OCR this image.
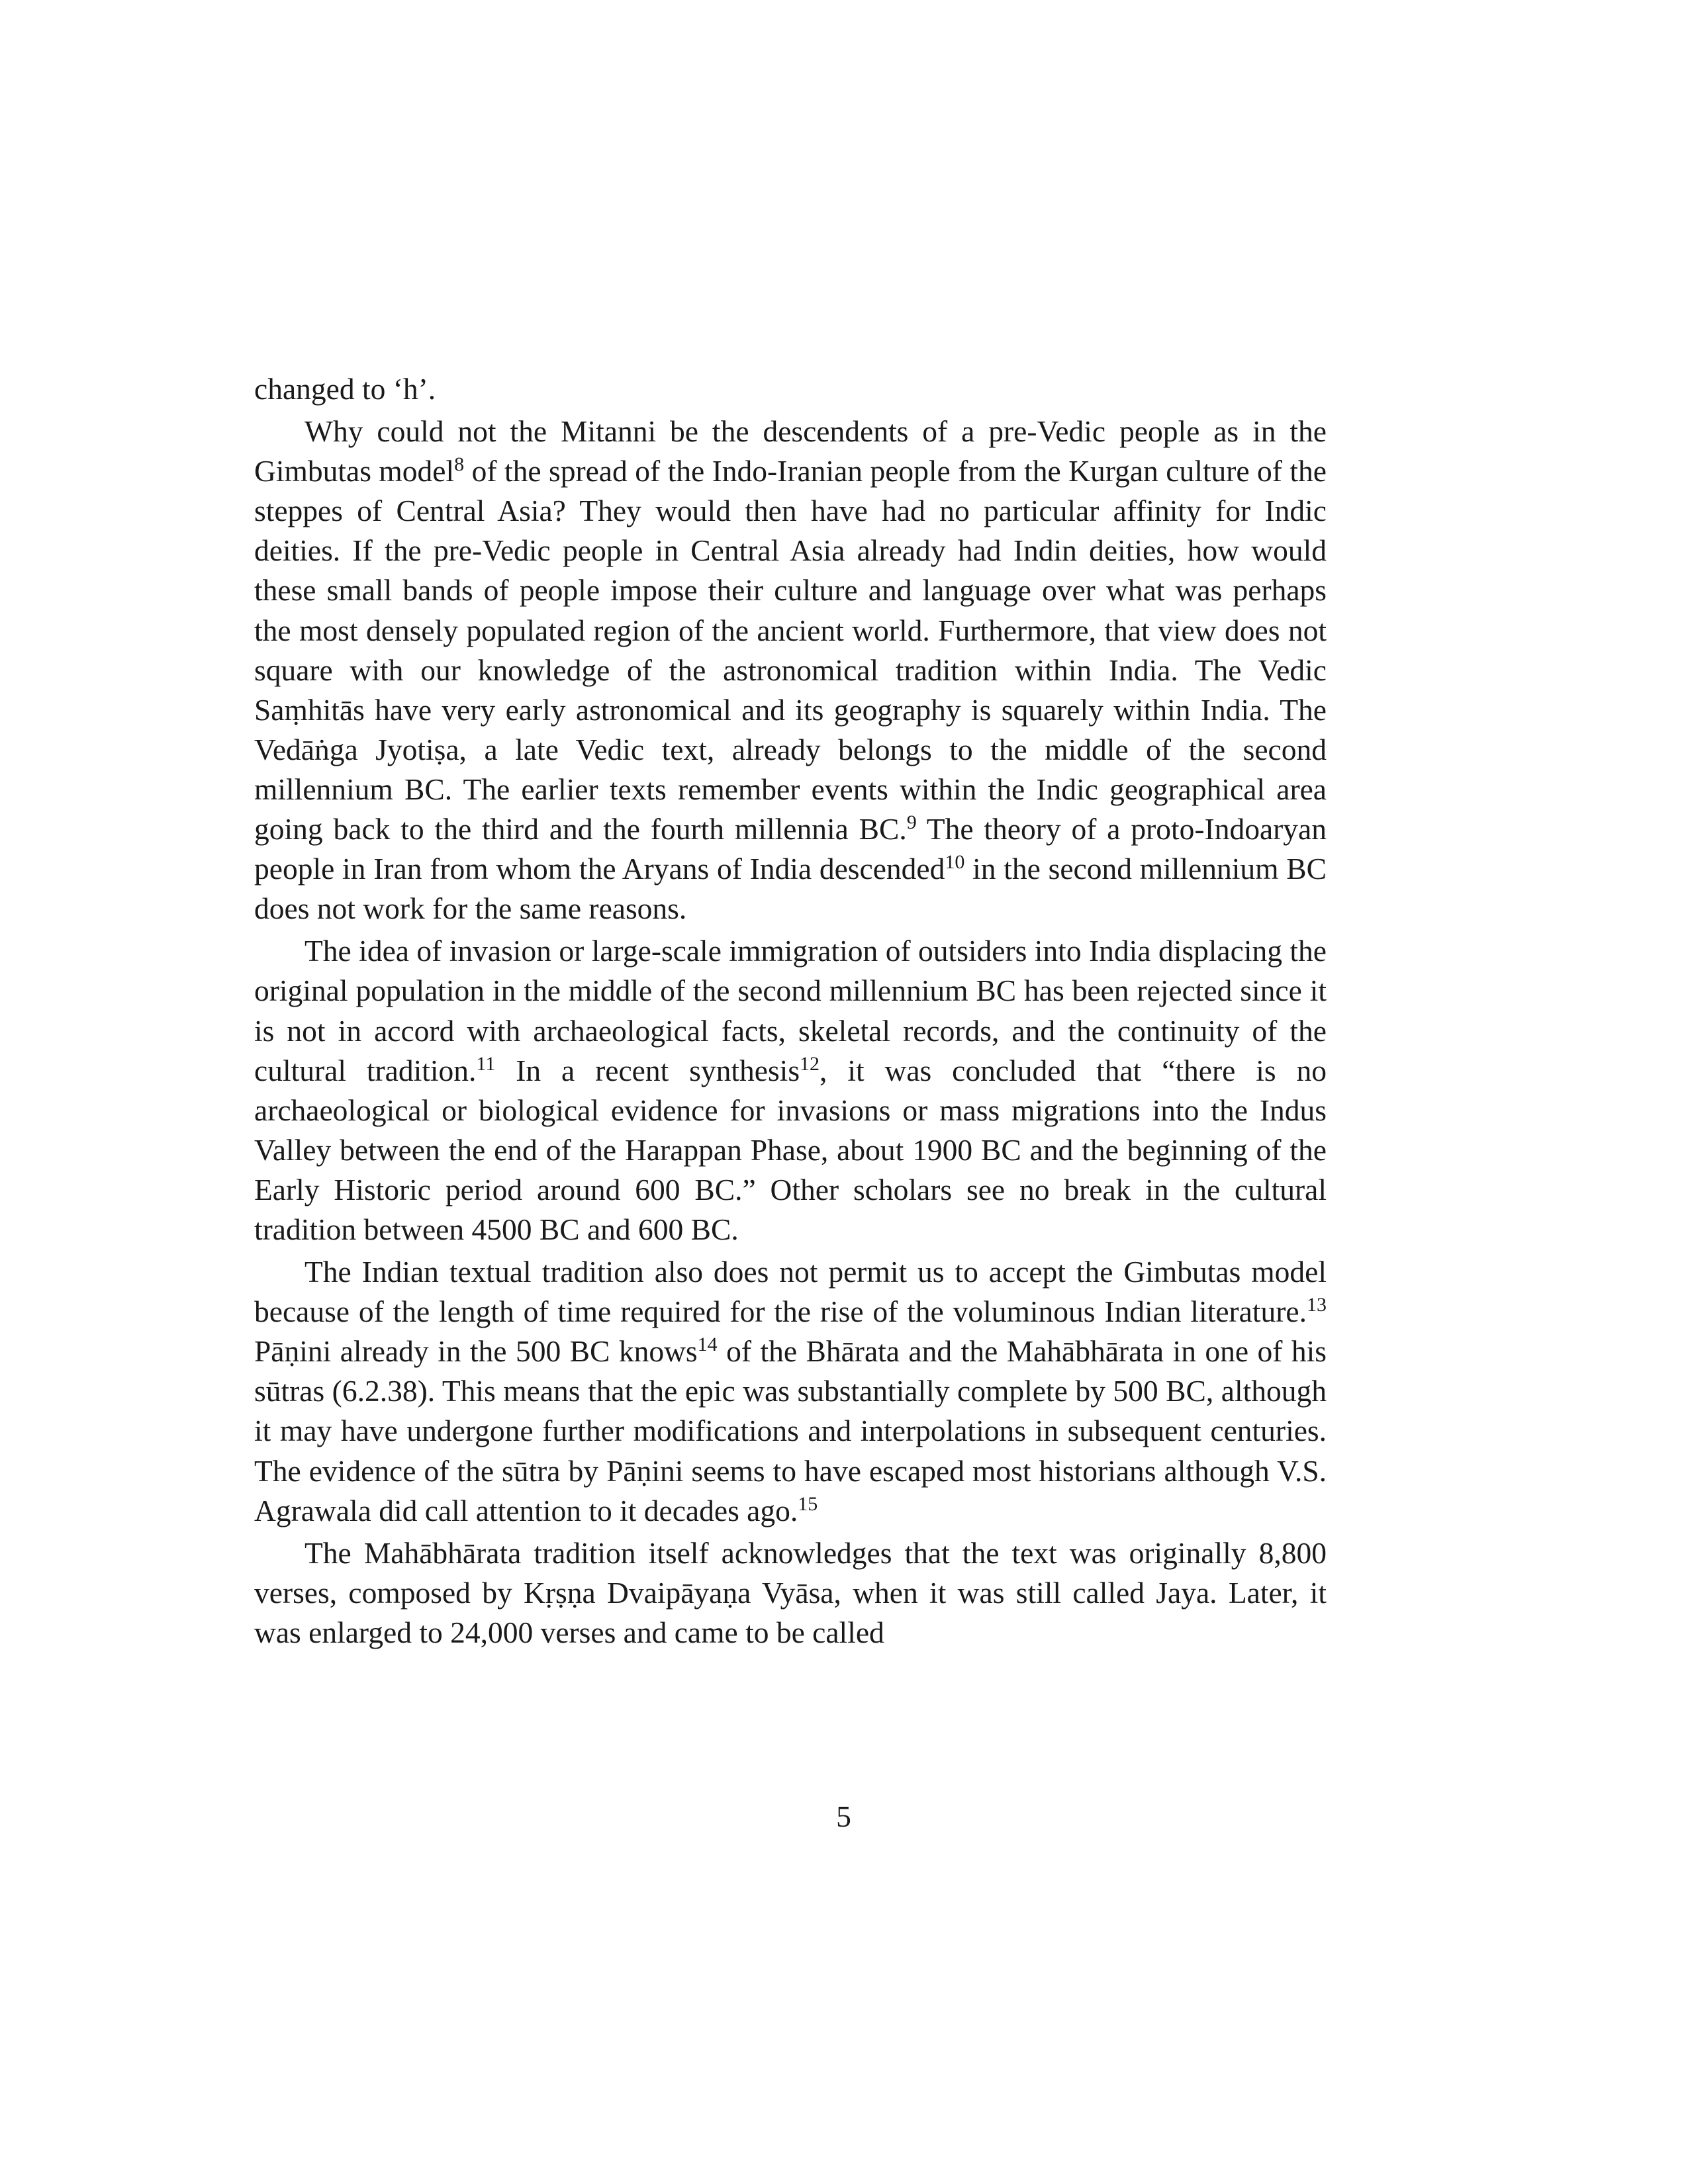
changed to ‘h’.

Why could not the Mitanni be the descendents of a pre-Vedic people as in the Gimbutas model$^8$ of the spread of the Indo-Iranian people from the Kurgan culture of the steppes of Central Asia? They would then have had no particular affinity for Indic deities. If the pre-Vedic people in Central Asia already had Indin deities, how would these small bands of people impose their culture and language over what was perhaps the most densely populated region of the ancient world. Furthermore, that view does not square with our knowledge of the astronomical tradition within India. The Vedic Saṃhitās have very early astronomical and its geography is squarely within India. The Vedāṅga Jyotiṣa, a late Vedic text, already belongs to the middle of the second millennium BC. The earlier texts remember events within the Indic geographical area going back to the third and the fourth millennia BC.$^9$ The theory of a proto-Indoaryan people in Iran from whom the Aryans of India descended$^{10}$ in the second millennium BC does not work for the same reasons.

The idea of invasion or large-scale immigration of outsiders into India displacing the original population in the middle of the second millennium BC has been rejected since it is not in accord with archaeological facts, skeletal records, and the continuity of the cultural tradition.$^{11}$ In a recent synthesis$^{12}$, it was concluded that “there is no archaeological or biological evidence for invasions or mass migrations into the Indus Valley between the end of the Harappan Phase, about 1900 BC and the beginning of the Early Historic period around 600 BC.” Other scholars see no break in the cultural tradition between 4500 BC and 600 BC.

The Indian textual tradition also does not permit us to accept the Gimbutas model because of the length of time required for the rise of the voluminous Indian literature.$^{13}$ Pāṇini already in the 500 BC knows$^{14}$ of the Bhārata and the Mahābhārata in one of his sūtras (6.2.38). This means that the epic was substantially complete by 500 BC, although it may have undergone further modifications and interpolations in subsequent centuries. The evidence of the sūtra by Pāṇini seems to have escaped most historians although V.S. Agrawala did call attention to it decades ago.$^{15}$

The Mahābhārata tradition itself acknowledges that the text was originally 8,800 verses, composed by Kṛṣṇa Dvaipāyaṇa Vyāsa, when it was still called Jaya. Later, it was enlarged to 24,000 verses and came to be called

5
